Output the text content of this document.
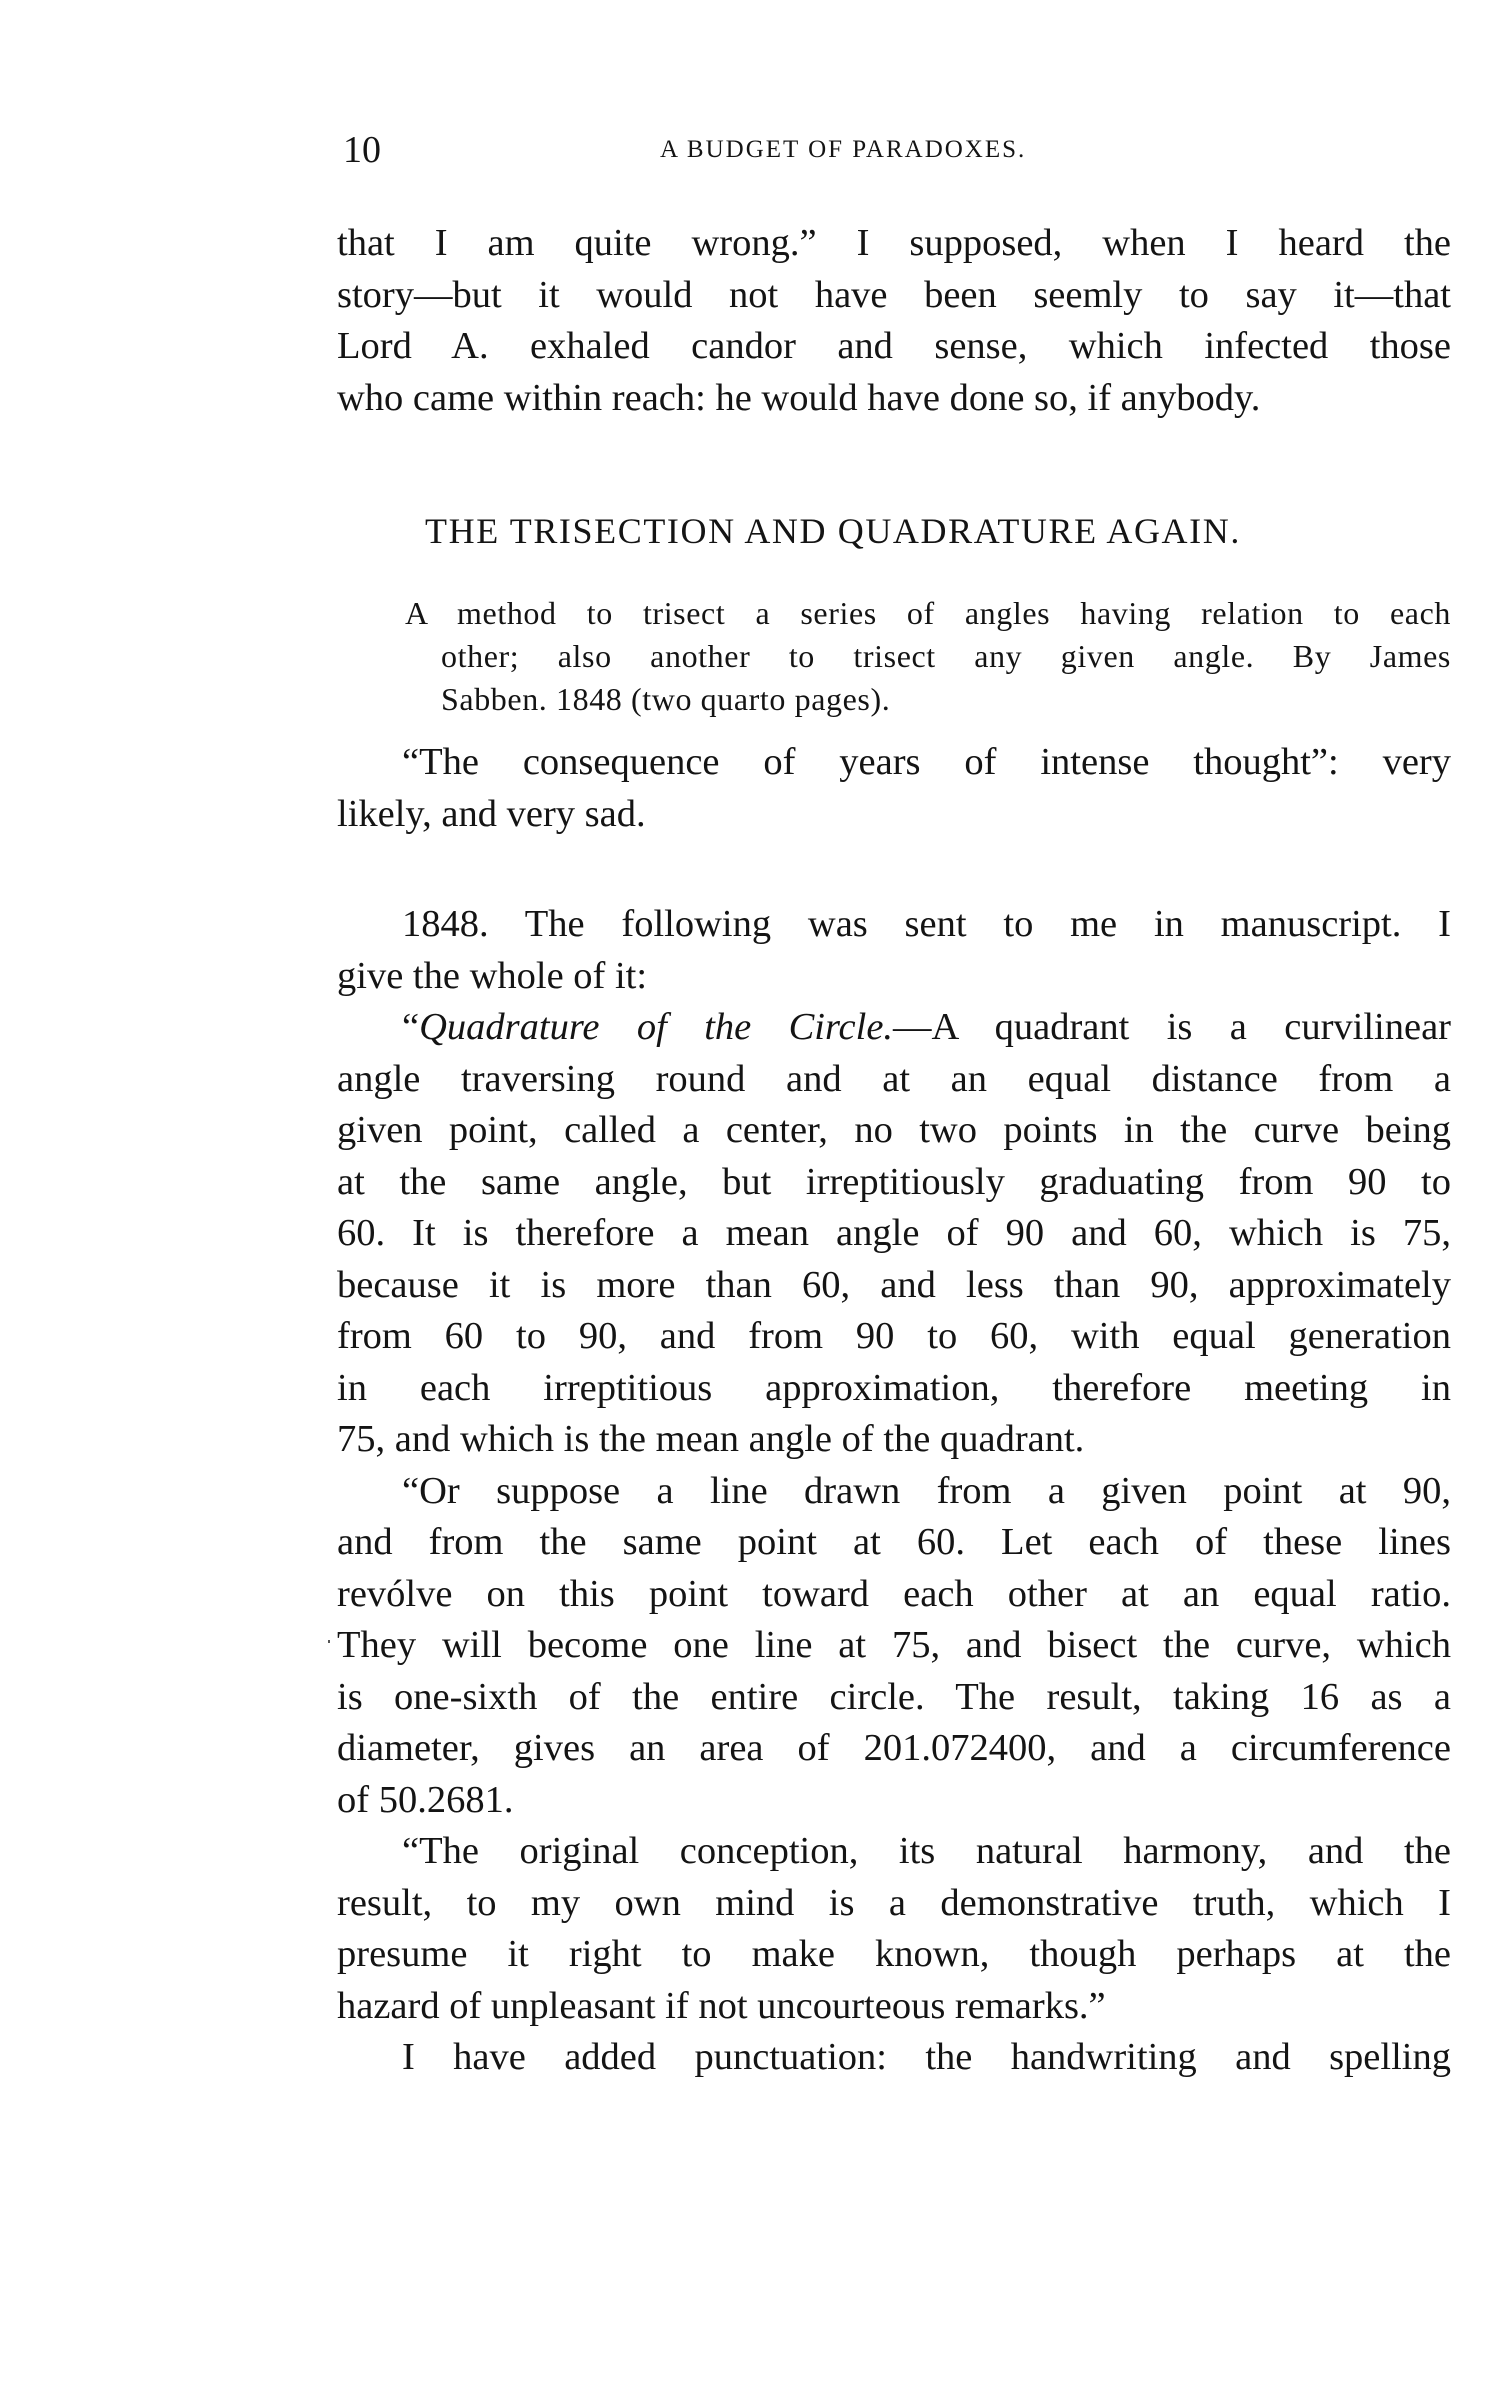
10	A BUDGET OF PARADOXES.
that I am quite wrong.” I supposed, when I heard the
story—but it would not have been seemly to say it—that
Lord A. exhaled candor and sense, which infected those
who came within reach: he would have done so, if anybody.
THE TRISECTION AND QUADRATURE AGAIN.
A method to trisect a series of angles having relation to each
other; also another to trisect any given angle. By James
Sabben. 1848 (two quarto pages).
“The consequence of years of intense thought”: very
likely, and very sad.
1848. The following was sent to me in manuscript. I
give the whole of it:
“Quadrature of the Circle.—A quadrant is a curvilinear
angle traversing round and at an equal distance from a
given point, called a center, no two points in the curve being
at the same angle, but irreptitiously graduating from 90 to
60. It is therefore a mean angle of 90 and 60, which is 75,
because it is more than 60, and less than 90, approximately
from 60 to 90, and from 90 to 60, with equal generation
in each irreptitious approximation, therefore meeting in
75, and which is the mean angle of the quadrant.
“Or suppose a line drawn from a given point at 90,
and from the same point at 60. Let each of these lines
revólve on this point toward each other at an equal ratio.
They will become one line at 75, and bisect the curve, which
is one-sixth of the entire circle. The result, taking 16 as a
diameter, gives an area of 201.072400, and a circumference
of 50.2681.
“The original conception, its natural harmony, and the
result, to my own mind is a demonstrative truth, which I
presume it right to make known, though perhaps at the
hazard of unpleasant if not uncourteous remarks.”
I have added punctuation: the handwriting and spelling
